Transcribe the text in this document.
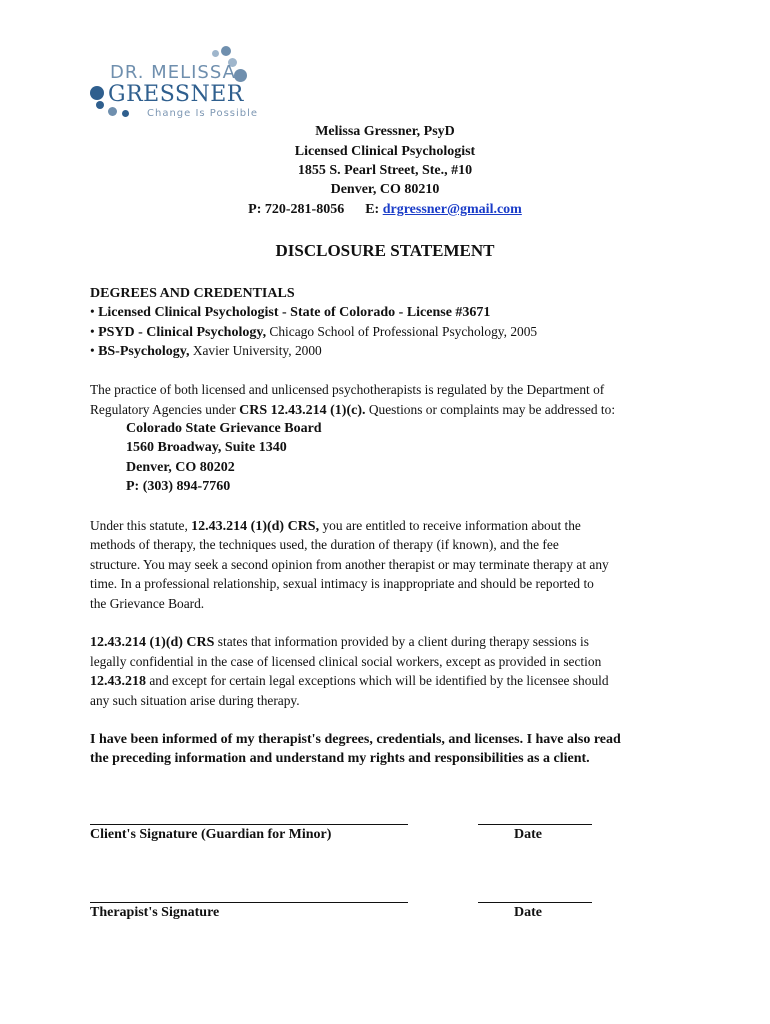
DR. MELISSA
GRESSNER
Change Is Possible
Melissa Gressner, PsyD
Licensed Clinical Psychologist
1855 S. Pearl Street, Ste., #10
Denver, CO 80210
P: 720-281-8056 E: drgressner@gmail.com
DISCLOSURE STATEMENT
DEGREES AND CREDENTIALS
• Licensed Clinical Psychologist - State of Colorado - License #3671
• PSYD - Clinical Psychology, Chicago School of Professional Psychology, 2005
• BS-Psychology, Xavier University, 2000
The practice of both licensed and unlicensed psychotherapists is regulated by the Department of
Regulatory Agencies under CRS 12.43.214 (1)(c). Questions or complaints may be addressed to:
Colorado State Grievance Board
1560 Broadway, Suite 1340
Denver, CO 80202
P: (303) 894-7760
Under this statute, 12.43.214 (1)(d) CRS, you are entitled to receive information about the
methods of therapy, the techniques used, the duration of therapy (if known), and the fee
structure. You may seek a second opinion from another therapist or may terminate therapy at any
time. In a professional relationship, sexual intimacy is inappropriate and should be reported to
the Grievance Board.
12.43.214 (1)(d) CRS states that information provided by a client during therapy sessions is
legally confidential in the case of licensed clinical social workers, except as provided in section
12.43.218 and except for certain legal exceptions which will be identified by the licensee should
any such situation arise during therapy.
I have been informed of my therapist's degrees, credentials, and licenses. I have also read
the preceding information and understand my rights and responsibilities as a client.
Client's Signature (Guardian for Minor)	Date
Therapist's Signature	Date
